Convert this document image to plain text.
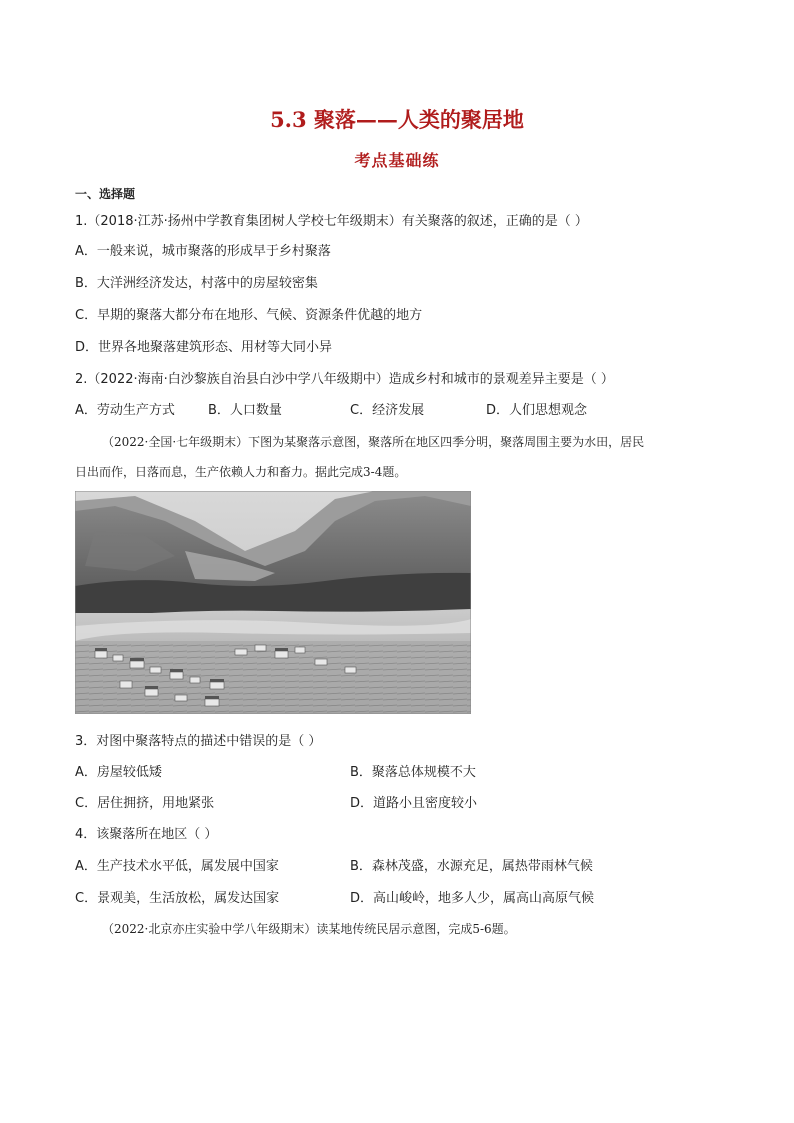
5.3 聚落——人类的聚居地
考点基础练
一、选择题
1.（2018·江苏·扬州中学教育集团树人学校七年级期末）有关聚落的叙述，正确的是（ ）
A．一般来说，城市聚落的形成早于乡村聚落
B．大洋洲经济发达，村落中的房屋较密集
C．早期的聚落大都分布在地形、气候、资源条件优越的地方
D．世界各地聚落建筑形态、用材等大同小异
2.（2022·海南·白沙黎族自治县白沙中学八年级期中）造成乡村和城市的景观差异主要是（ ）
A．劳动生产方式	B．人口数量	C．经济发展	D．人们思想观念
（2022·全国·七年级期末）下图为某聚落示意图，聚落所在地区四季分明，聚落周围主要为水田，居民
日出而作，日落而息，生产依赖人力和畜力。据此完成3-4题。
3．对图中聚落特点的描述中错误的是（ ）
A．房屋较低矮	B．聚落总体规模不大
C．居住拥挤，用地紧张	D．道路小且密度较小
4．该聚落所在地区（ ）
A．生产技术水平低，属发展中国家	B．森林茂盛，水源充足，属热带雨林气候
C．景观美，生活放松，属发达国家	D．高山峻岭，地多人少，属高山高原气候
（2022·北京亦庄实验中学八年级期末）读某地传统民居示意图，完成5-6题。
